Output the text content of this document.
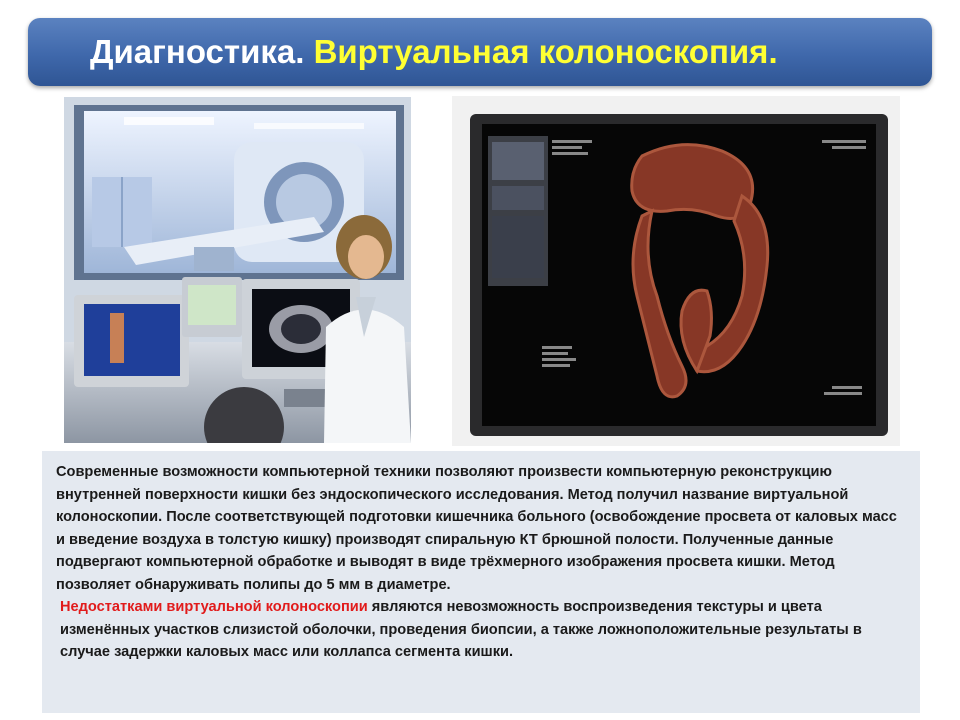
Диагностика. Виртуальная колоноскопия.

Современные возможности компьютерной техники позволяют произвести компьютерную реконструкцию внутренней поверхности кишки без эндоскопического исследования. Метод получил название виртуальной колоноскопии. После соответствующей подготовки кишечника больного (освобождение просвета от каловых масс и введение воздуха в толстую кишку) производят спиральную КТ брюшной полости. Полученные данные подвергают компьютерной обработке и выводят в виде трёхмерного изображения просвета кишки. Метод позволяет обнаруживать полипы до 5 мм в диаметре.

Недостатками виртуальной колоноскопии являются невозможность воспроизведения текстуры и цвета изменённых участков слизистой оболочки, проведения биопсии, а также ложноположительные результаты в случае задержки каловых масс или коллапса сегмента кишки.
